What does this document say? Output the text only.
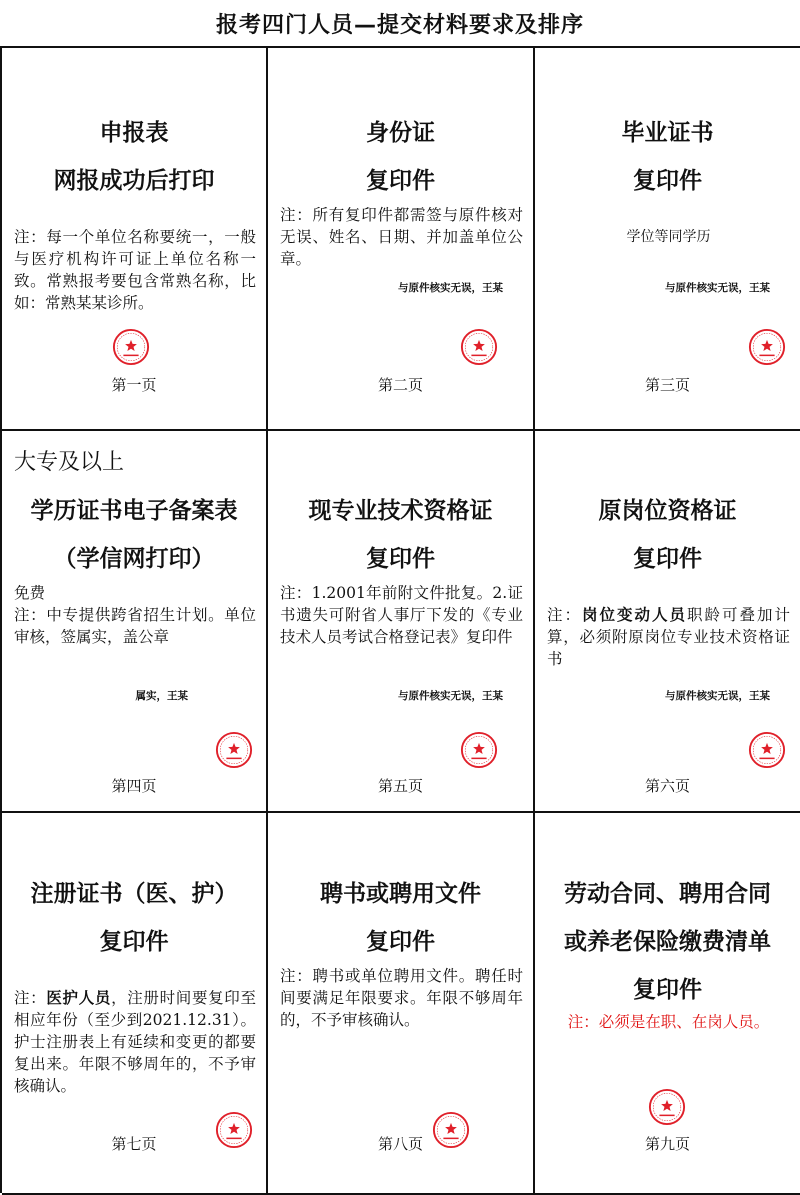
报考四门人员—提交材料要求及排序
申报表
网报成功后打印
注：每一个单位名称要统一，一般与医疗机构许可证上单位名称一致。常熟报考要包含常熟名称，比如：常熟某某诊所。
第一页
身份证
复印件
注：所有复印件都需签与原件核对无误、姓名、日期、并加盖单位公章。
与原件核实无误，王某
第二页
毕业证书
复印件
学位等同学历
与原件核实无误，王某
第三页
大专及以上
学历证书电子备案表
（学信网打印）
免费
注：中专提供跨省招生计划。单位审核，签属实，盖公章
属实，王某
第四页
现专业技术资格证
复印件
注：1.2001年前附文件批复。2.证书遗失可附省人事厅下发的《专业技术人员考试合格登记表》复印件
与原件核实无误，王某
第五页
原岗位资格证
复印件
注：岗位变动人员职龄可叠加计算，必须附原岗位专业技术资格证书
与原件核实无误，王某
第六页
注册证书（医、护）
复印件
注：医护人员，注册时间要复印至相应年份（至少到2021.12.31）。护士注册表上有延续和变更的都要复出来。年限不够周年的，不予审核确认。
第七页
聘书或聘用文件
复印件
注：聘书或单位聘用文件。聘任时间要满足年限要求。年限不够周年的，不予审核确认。
第八页
劳动合同、聘用合同
或养老保险缴费清单
复印件
注：必须是在职、在岗人员。
第九页
